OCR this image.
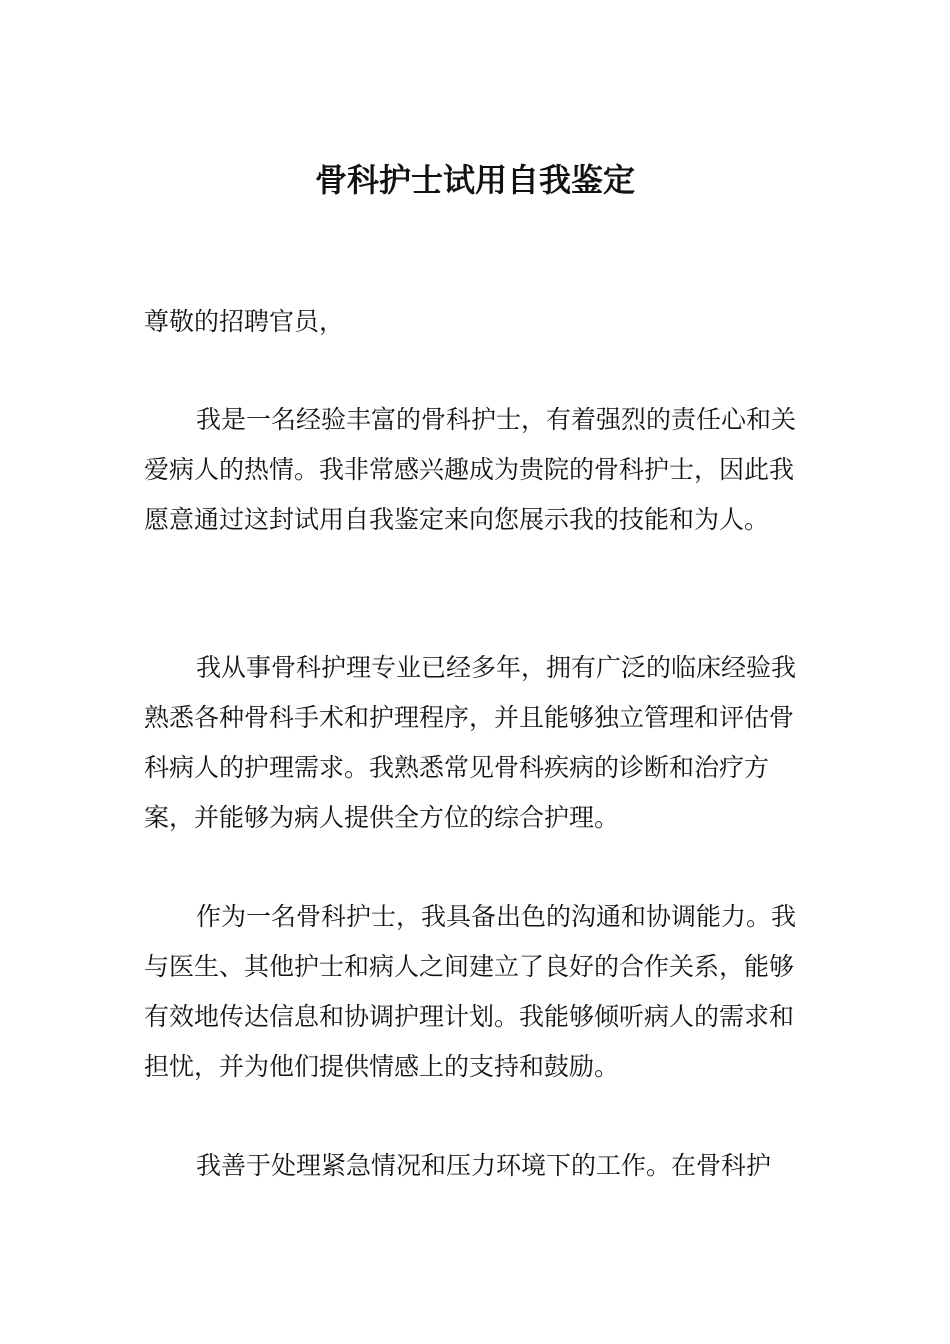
骨科护士试用自我鉴定
尊敬的招聘官员，

我是一名经验丰富的骨科护士，有着强烈的责任心和关爱病人的热情。我非常感兴趣成为贵院的骨科护士，因此我愿意通过这封试用自我鉴定来向您展示我的技能和为人。

我从事骨科护理专业已经多年，拥有广泛的临床经验我熟悉各种骨科手术和护理程序，并且能够独立管理和评估骨科病人的护理需求。我熟悉常见骨科疾病的诊断和治疗方案，并能够为病人提供全方位的综合护理。

作为一名骨科护士，我具备出色的沟通和协调能力。我与医生、其他护士和病人之间建立了良好的合作关系，能够有效地传达信息和协调护理计划。我能够倾听病人的需求和担忧，并为他们提供情感上的支持和鼓励。

我善于处理紧急情况和压力环境下的工作。在骨科护
